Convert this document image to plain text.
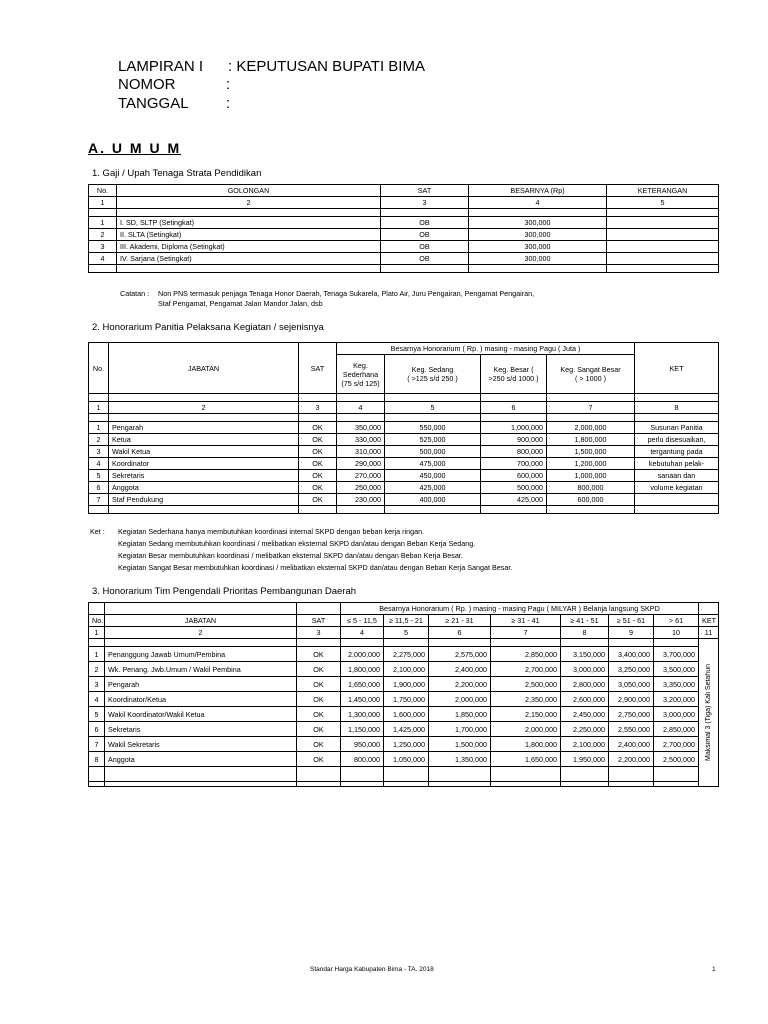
LAMPIRAN I : KEPUTUSAN BUPATI BIMA
NOMOR	:
TANGGAL :
A. U M U M
1. Gaji / Upah Tenaga Strata Pendidikan
No.	GOLONGAN	SAT	BESARNYA (Rp)	KETERANGAN
1	2	3	4	5

1	I. SD, SLTP (Setingkat)	OB	300,000	
2	II. SLTA (Setingkat)	OB	300,000	
3	III. Akademi, Diploma (Setingkat)	OB	300,000	
4	IV. Sarjana (Setingkat)	OB	300,000	

Catatan : Non PNS termasuk penjaga Tenaga Honor Daerah, Tenaga Sukarela, Plato Air, Juru Pengairan, Pengamat Pengairan,
Staf Pengamat, Pengamat Jalan Mandor Jalan, dsb
2. Honorarium Panitia Pelaksana Kegiatan / sejenisnya
No.	JABATAN	SAT	Besarnya Honorarium ( Rp. ) masing - masing Pagu ( Juta )				KET
			Keg.
Sederhana
(75 s/d 125)	Keg. Sedang
( >125 s/d 250 )	Keg. Besar (
>250 s/d 1000 )	Keg. Sangat Besar
( > 1000 )	

1	2	3	4	5	6	7	8

1	Pengarah	OK	350,000	550,000	1,000,000	2,000,000	Susunan Panitia
2	Ketua	OK	330,000	525,000	900,000	1,800,000	perlu disesuaikan,
3	Wakil Ketua	OK	310,000	500,000	800,000	1,500,000	tergantung pada
4	Koordinator	OK	290,000	475,000	700,000	1,200,000	kebutuhan pelak-
5	Sekretaris	OK	270,000	450,000	600,000	1,000,000	sanaan dan
6	Anggota	OK	250,000	425,000	500,000	800,000	volume kegiatan
7	Staf Pendukung	OK	230,000	400,000	425,000	600,000	

Ket : Kegiatan Sederhana hanya membutuhkan koordinasi internal SKPD dengan beban kerja ringan.
Kegiatan Sedang membutuhkan koordinasi / melibatkan eksternal SKPD dan/atau dengan Beban Kerja Sedang.
Kegiatan Besar membutuhkan koordinasi / melibatkan eksternal SKPD dan/atau dengan Beban Kerja Besar.
Kegiatan Sangat Besar membutuhkan koordinasi / melibatkan eksternal SKPD dan/atau dengan Beban Kerja Sangat Besar.
3. Honorarium Tim Pengendali Prioritas Pembangunan Daerah
			Besarnya Honorarium ( Rp. ) masing - masing Pagu ( MILYAR ) Belanja langsung SKPD							
No.	JABATAN	SAT	≤ 5 - 11,5	≥ 11,5 - 21	≥ 21 - 31	≥ 31 - 41	≥ 41 - 51	≥ 51 - 61	> 61	KET
1	2	3	4	5	6	7	8	9	10	11

										Maksimal 3 (Tiga) Kali Setahun

1	Penanggung Jawab Umum/Pembina	OK	2,000,000	2,275,000	2,575,000	2,850,000	3,150,000	3,400,000	3,700,000	
2	Wk. Penang. Jwb.Umum / Wakil Pembina	OK	1,800,000	2,100,000	2,400,000	2,700,000	3,000,000	3,250,000	3,500,000	
3	Pengarah	OK	1,650,000	1,900,000	2,200,000	2,500,000	2,800,000	3,050,000	3,350,000	
4	Koordinator/Ketua	OK	1,450,000	1,750,000	2,000,000	2,350,000	2,600,000	2,900,000	3,200,000	
5	Wakil Koordinator/Wakil Ketua	OK	1,300,000	1,600,000	1,850,000	2,150,000	2,450,000	2,750,000	3,000,000	
6	Sekretaris	OK	1,150,000	1,425,000	1,700,000	2,000,000	2,250,000	2,550,000	2,850,000	
7	Wakil Sekretaris	OK	950,000	1,250,000	1,500,000	1,800,000	2,100,000	2,400,000	2,700,000	
8	Anggota	OK	800,000	1,050,000	1,350,000	1,650,000	1,950,000	2,200,000	2,500,000	

Standar Harga Kabupaten Bima - TA. 2018	1
